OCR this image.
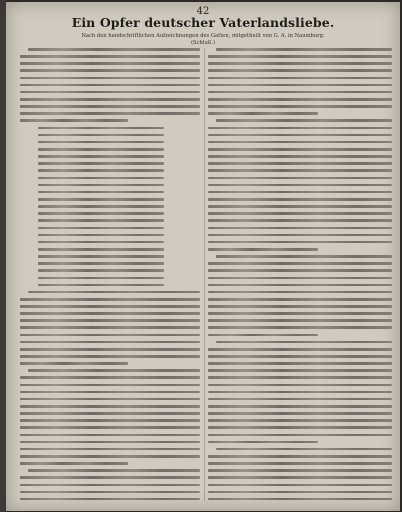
42
Ein Opfer deutscher Vaterlandsliebe.
Nach den handschriftlichen Aufzeichnungen des Gatten, mitgetheilt von G. A. in Naumburg.
(Schluß.)
